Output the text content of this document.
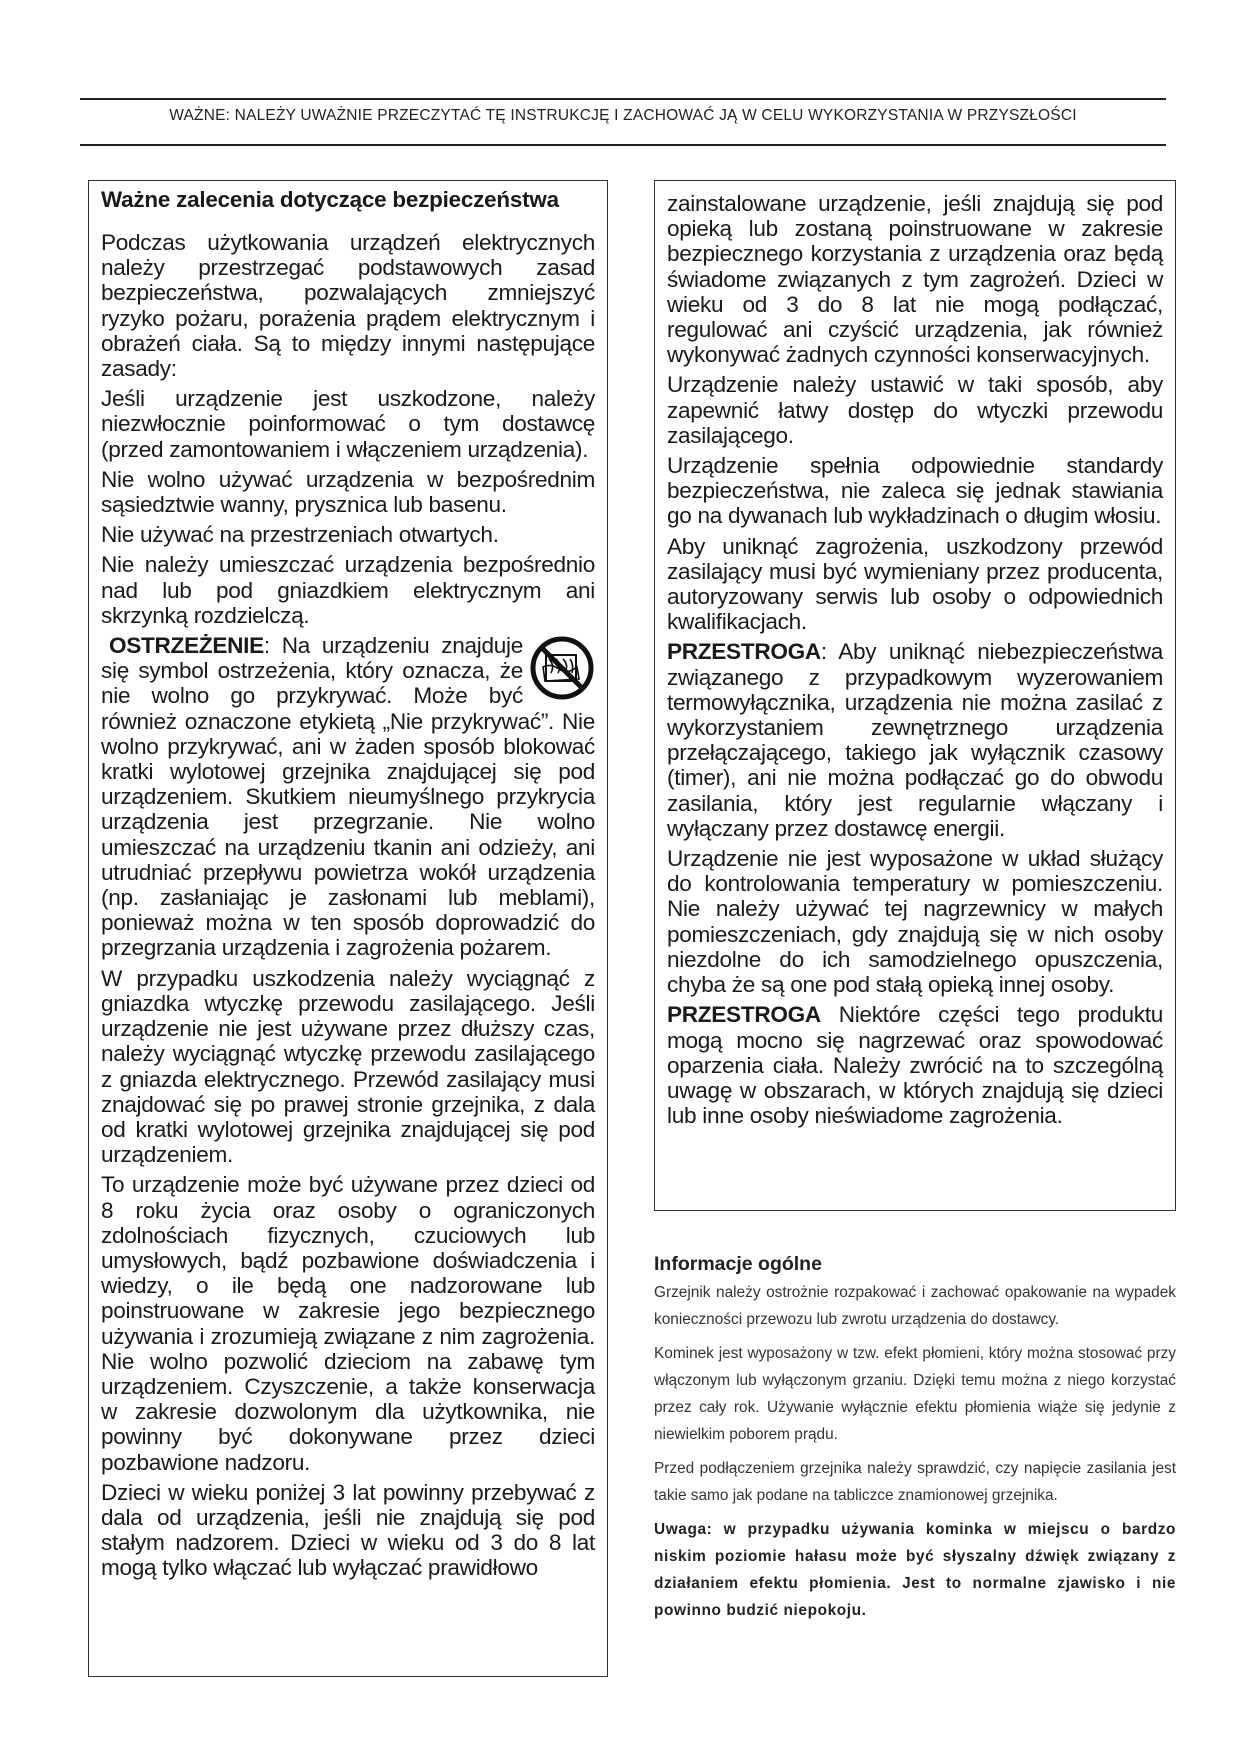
WAŻNE: NALEŻY UWAŻNIE PRZECZYTAĆ TĘ INSTRUKCJĘ I ZACHOWAĆ JĄ W CELU WYKORZYSTANIA W PRZYSZŁOŚCI
Ważne zalecenia dotyczące bezpieczeństwa

Podczas użytkowania urządzeń elektrycznych należy przestrzegać podstawowych zasad bezpieczeństwa, pozwalających zmniejszyć ryzyko pożaru, porażenia prądem elektrycznym i obrażeń ciała. Są to między innymi następujące zasady:

Jeśli urządzenie jest uszkodzone, należy niezwłocznie poinformować o tym dostawcę (przed zamontowaniem i włączeniem urządzenia).

Nie wolno używać urządzenia w bezpośrednim sąsiedztwie wanny, prysznica lub basenu.

Nie używać na przestrzeniach otwartych.

Nie należy umieszczać urządzenia bezpośrednio nad lub pod gniazdkiem elektrycznym ani skrzynką rozdzielczą.

OSTRZEŻENIE: Na urządzeniu znajduje się symbol ostrzeżenia, który oznacza, że nie wolno go przykrywać. Może być również oznaczone etykietą „Nie przykrywać”. Nie wolno przykrywać, ani w żaden sposób blokować kratki wylotowej grzejnika znajdującej się pod urządzeniem. Skutkiem nieumyślnego przykrycia urządzenia jest przegrzanie. Nie wolno umieszczać na urządzeniu tkanin ani odzieży, ani utrudniać przepływu powietrza wokół urządzenia (np. zasłaniając je zasłonami lub meblami), ponieważ można w ten sposób doprowadzić do przegrzania urządzenia i zagrożenia pożarem.

W przypadku uszkodzenia należy wyciągnąć z gniazdka wtyczkę przewodu zasilającego. Jeśli urządzenie nie jest używane przez dłuższy czas, należy wyciągnąć wtyczkę przewodu zasilającego z gniazda elektrycznego. Przewód zasilający musi znajdować się po prawej stronie grzejnika, z dala od kratki wylotowej grzejnika znajdującej się pod urządzeniem.

To urządzenie może być używane przez dzieci od 8 roku życia oraz osoby o ograniczonych zdolnościach fizycznych, czuciowych lub umysłowych, bądź pozbawione doświadczenia i wiedzy, o ile będą one nadzorowane lub poinstruowane w zakresie jego bezpiecznego używania i zrozumieją związane z nim zagrożenia. Nie wolno pozwolić dzieciom na zabawę tym urządzeniem. Czyszczenie, a także konserwacja w zakresie dozwolonym dla użytkownika, nie powinny być dokonywane przez dzieci pozbawione nadzoru.

Dzieci w wieku poniżej 3 lat powinny przebywać z dala od urządzenia, jeśli nie znajdują się pod stałym nadzorem. Dzieci w wieku od 3 do 8 lat mogą tylko włączać lub wyłączać prawidłowo

zainstalowane urządzenie, jeśli znajdują się pod opieką lub zostaną poinstruowane w zakresie bezpiecznego korzystania z urządzenia oraz będą świadome związanych z tym zagrożeń. Dzieci w wieku od 3 do 8 lat nie mogą podłączać, regulować ani czyścić urządzenia, jak również wykonywać żadnych czynności konserwacyjnych.

Urządzenie należy ustawić w taki sposób, aby zapewnić łatwy dostęp do wtyczki przewodu zasilającego.

Urządzenie spełnia odpowiednie standardy bezpieczeństwa, nie zaleca się jednak stawiania go na dywanach lub wykładzinach o długim włosiu.

Aby uniknąć zagrożenia, uszkodzony przewód zasilający musi być wymieniany przez producenta, autoryzowany serwis lub osoby o odpowiednich kwalifikacjach.

PRZESTROGA: Aby uniknąć niebezpieczeństwa związanego z przypadkowym wyzerowaniem termowyłącznika, urządzenia nie można zasilać z wykorzystaniem zewnętrznego urządzenia przełączającego, takiego jak wyłącznik czasowy (timer), ani nie można podłączać go do obwodu zasilania, który jest regularnie włączany i wyłączany przez dostawcę energii.

Urządzenie nie jest wyposażone w układ służący do kontrolowania temperatury w pomieszczeniu. Nie należy używać tej nagrzewnicy w małych pomieszczeniach, gdy znajdują się w nich osoby niezdolne do ich samodzielnego opuszczenia, chyba że są one pod stałą opieką innej osoby.

PRZESTROGA Niektóre części tego produktu mogą mocno się nagrzewać oraz spowodować oparzenia ciała. Należy zwrócić na to szczególną uwagę w obszarach, w których znajdują się dzieci lub inne osoby nieświadome zagrożenia.

Informacje ogólne

Grzejnik należy ostrożnie rozpakować i zachować opakowanie na wypadek konieczności przewozu lub zwrotu urządzenia do dostawcy.

Kominek jest wyposażony w tzw. efekt płomieni, który można stosować przy włączonym lub wyłączonym grzaniu. Dzięki temu można z niego korzystać przez cały rok. Używanie wyłącznie efektu płomienia wiąże się jedynie z niewielkim poborem prądu.

Przed podłączeniem grzejnika należy sprawdzić, czy napięcie zasilania jest takie samo jak podane na tabliczce znamionowej grzejnika.

Uwaga: w przypadku używania kominka w miejscu o bardzo niskim poziomie hałasu może być słyszalny dźwięk związany z działaniem efektu płomienia. Jest to normalne zjawisko i nie powinno budzić niepokoju.
